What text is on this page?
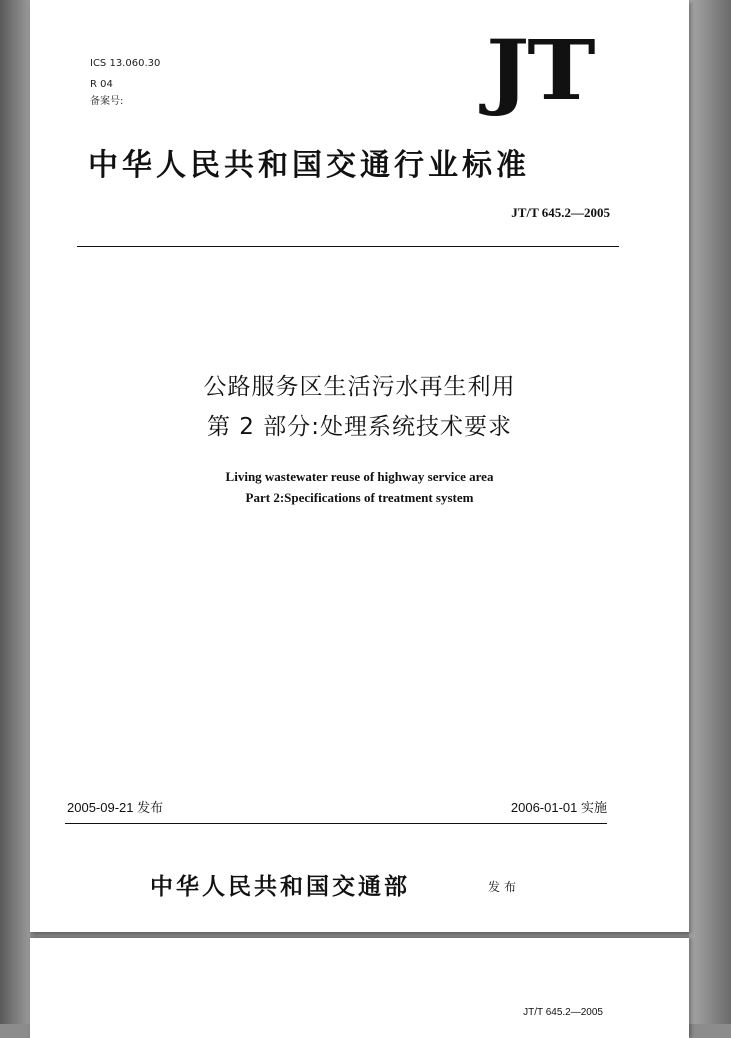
ICS 13.060.30
R 04
备案号:	JT
中华人民共和国交通行业标准
JT/T 645.2—2005
公路服务区生活污水再生利用
第 2 部分:处理系统技术要求
Living wastewater reuse of highway service area
Part 2:Specifications of treatment system
2005-09-21 发布	2006-01-01 实施
中华人民共和国交通部	发布
JT/T 645.2—2005
